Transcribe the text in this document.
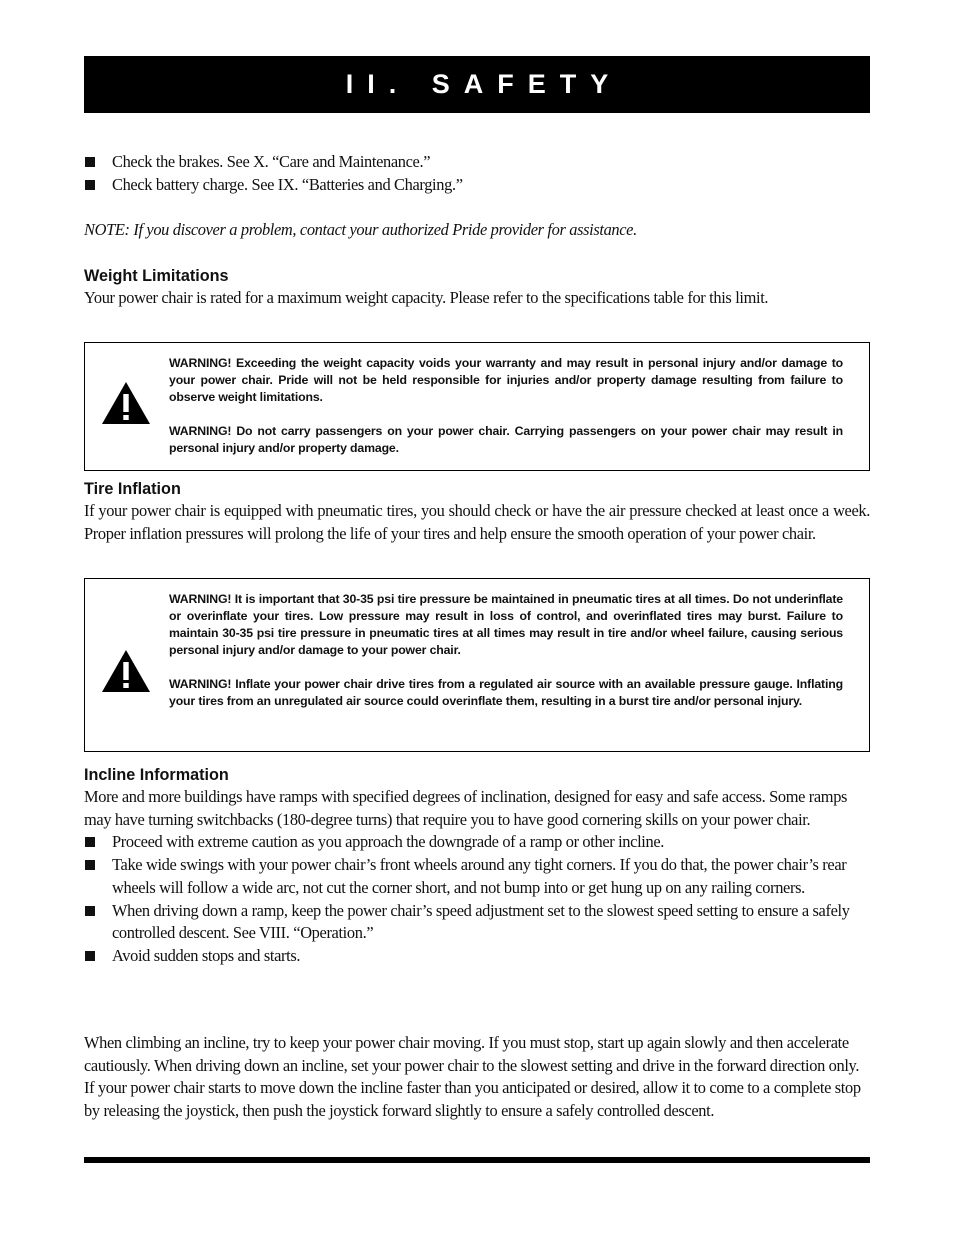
II. SAFETY
Check the brakes. See X. “Care and Maintenance.”
Check battery charge. See IX. “Batteries and Charging.”
NOTE: If you discover a problem, contact your authorized Pride provider for assistance.
Weight Limitations

Your power chair is rated for a maximum weight capacity. Please refer to the specifications table for this limit.

WARNING! Exceeding the weight capacity voids your warranty and may result in personal injury and/or damage to your power chair. Pride will not be held responsible for injuries and/or property damage resulting from failure to observe weight limitations.

WARNING! Do not carry passengers on your power chair. Carrying passengers on your power chair may result in personal injury and/or property damage.

Tire Inflation

If your power chair is equipped with pneumatic tires, you should check or have the air pressure checked at least once a week. Proper inflation pressures will prolong the life of your tires and help ensure the smooth operation of your power chair.

WARNING! It is important that 30-35 psi tire pressure be maintained in pneumatic tires at all times. Do not underinflate or overinflate your tires. Low pressure may result in loss of control, and overinflated tires may burst. Failure to maintain 30-35 psi tire pressure in pneumatic tires at all times may result in tire and/or wheel failure, causing serious personal injury and/or damage to your power chair.

WARNING! Inflate your power chair drive tires from a regulated air source with an available pressure gauge. Inflating your tires from an unregulated air source could overinflate them, resulting in a burst tire and/or personal injury.

Incline Information

More and more buildings have ramps with specified degrees of inclination, designed for easy and safe access. Some ramps may have turning switchbacks (180-degree turns) that require you to have good cornering skills on your power chair.

Proceed with extreme caution as you approach the downgrade of a ramp or other incline.
Take wide swings with your power chair’s front wheels around any tight corners. If you do that, the power chair’s rear wheels will follow a wide arc, not cut the corner short, and not bump into or get hung up on any railing corners.
When driving down a ramp, keep the power chair’s speed adjustment set to the slowest speed setting to ensure a safely controlled descent. See VIII. “Operation.”
Avoid sudden stops and starts.
When climbing an incline, try to keep your power chair moving. If you must stop, start up again slowly and then accelerate cautiously. When driving down an incline, set your power chair to the slowest setting and drive in the forward direction only. If your power chair starts to move down the incline faster than you anticipated or desired, allow it to come to a complete stop by releasing the joystick, then push the joystick forward slightly to ensure a safely controlled descent.
